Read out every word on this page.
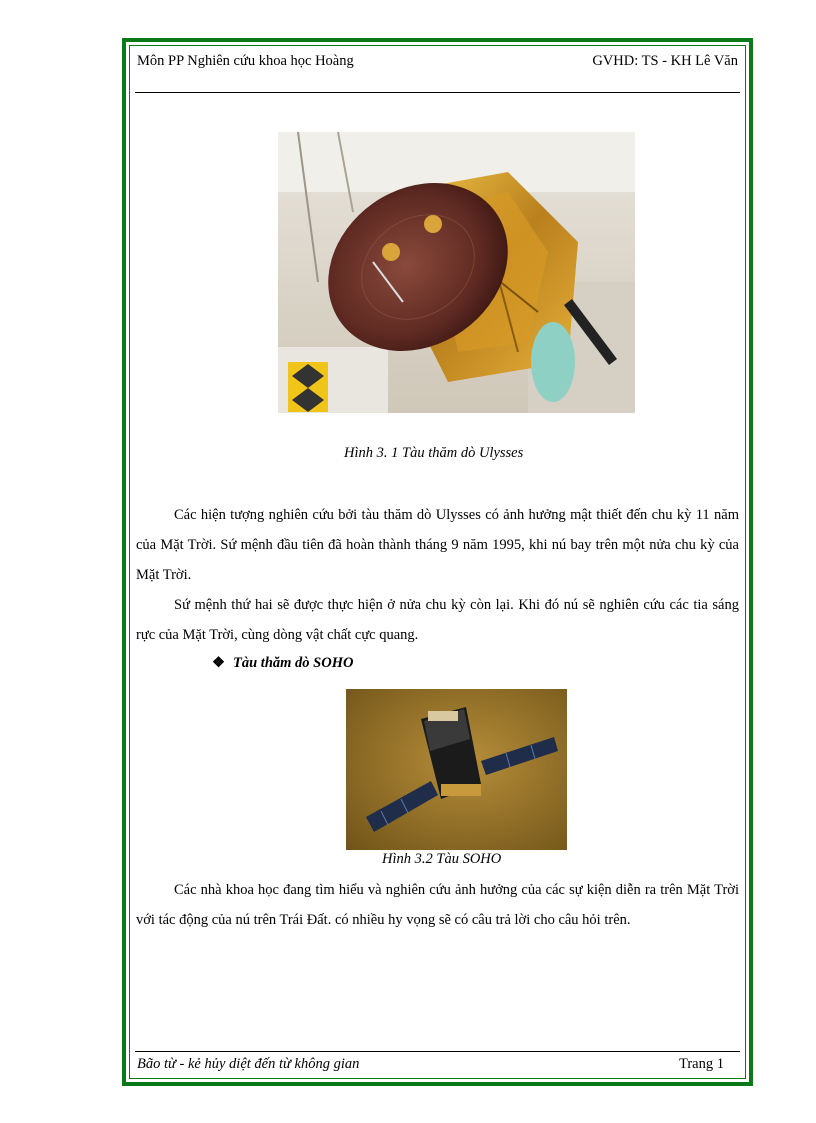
Môn PP Nghiên cứu khoa học Hoàng	GVHD: TS - KH Lê Văn
Hình 3. 1 Tàu thăm dò Ulysses

Các hiện tượng nghiên cứu bởi tàu thăm dò Ulysses có ảnh hưởng mật thiết đến chu kỳ 11 năm của Mặt Trời. Sứ mệnh đầu tiên đã hoàn thành tháng 9 năm 1995, khi nú bay trên một nửa chu kỳ của Mặt Trời.

Sứ mệnh thứ hai sẽ được thực hiện ở nửa chu kỳ còn lại. Khi đó nú sẽ nghiên cứu các tia sáng rực của Mặt Trời, cùng dòng vật chất cực quang.

❖ Tàu thăm dò SOHO
Hình 3.2 Tàu SOHO

Các nhà khoa học đang tìm hiểu và nghiên cứu ảnh hưởng của các sự kiện diễn ra trên Mặt Trời với tác động của nú trên Trái Đất. có nhiều hy vọng sẽ có câu trả lời cho câu hỏi trên.

Bão từ - kẻ hủy diệt đến từ không gian	Trang 1
